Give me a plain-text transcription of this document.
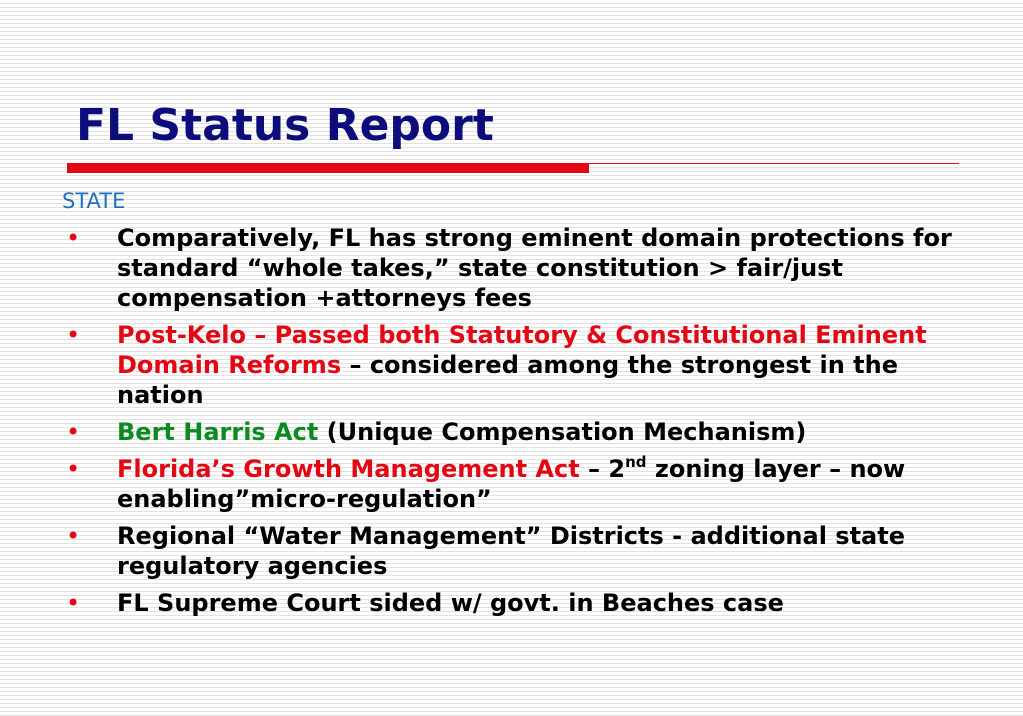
FL Status Report
STATE
• Comparatively, FL has strong eminent domain protections for standard “whole takes,” state constitution > fair/just compensation +attorneys fees
• Post-Kelo – Passed both Statutory & Constitutional Eminent Domain Reforms – considered among the strongest in the nation
• Bert Harris Act (Unique Compensation Mechanism)
• Florida’s Growth Management Act – 2nd zoning layer – now enabling”micro-regulation”
• Regional “Water Management” Districts - additional state regulatory agencies
• FL Supreme Court sided w/ govt. in Beaches case
